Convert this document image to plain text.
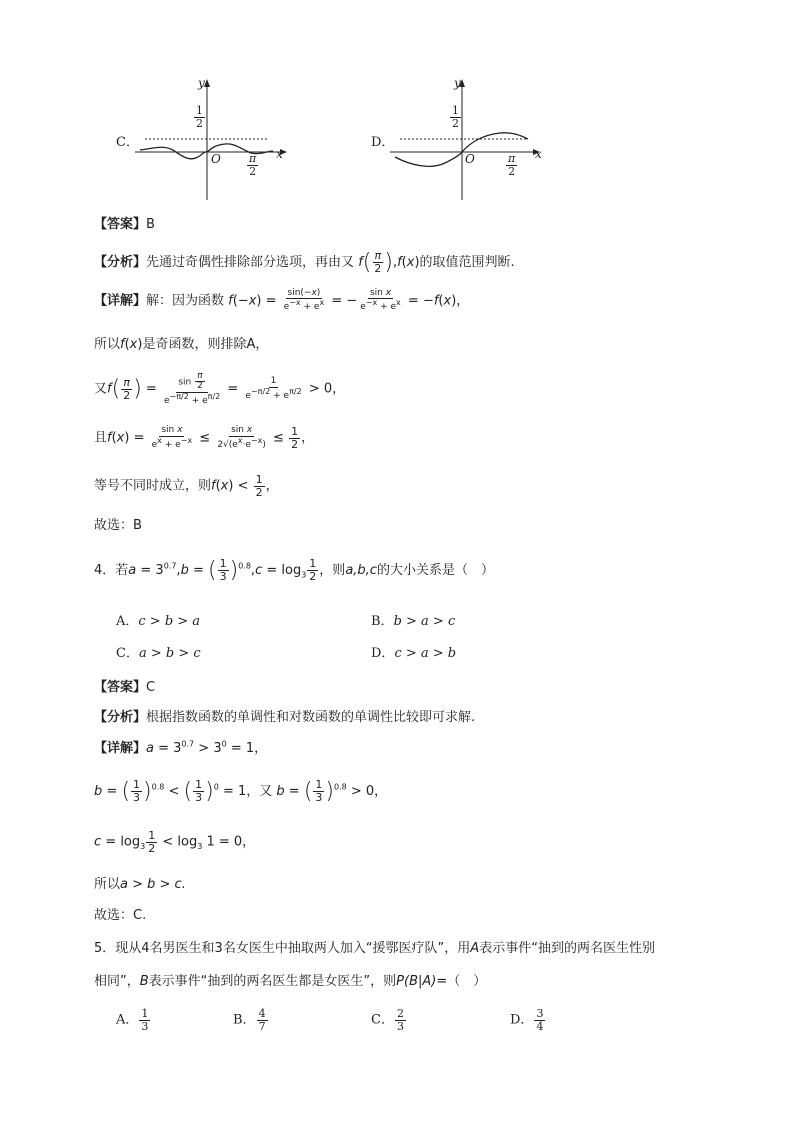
C．
y
$\frac{1}{2}$
O	x
$\frac{\pi}{2}$
D．
y
$\frac{1}{2}$
O	x
$\frac{\pi}{2}$
【答案】B
【分析】先通过奇偶性排除部分选项，再由又 $f( \frac{\pi}{2} ),f(x)$的取值范围判断.
【详解】解：因为函数 $f(-x) = \frac{\sin(-x)}{e^{-x} + e^x}$ = − $\frac{\text{sin x}}{e^{-x} + e^x} = -f(x)$，
所以f(x)是奇函数，则排除A，
又$f( \frac{\pi}{2}$ ) = $\frac{\sin \frac{\pi}{2}}{e^{-\pi/2} + e^{\pi/2}} = \frac{1}{e^{-\pi/2} + e^{\pi/2}} > 0$，
且$f(x) = \frac{\text{sin x}}{e^x + e^{-x}} \le \frac{\text{sin x}}{2√(e^x\cdot e^{-x})} \le \frac{1}{2}$ ，
等号不同时成立，则$f(x) < \frac{1}{2}$ ，
故选：B
4．若$a = 3^{0.7},b$ = ( $\frac{1}{3} )^{0.8},c = \log_3 \frac{1}{2}$ ，则a,b,c的大小关系是（　）
A．c > b > a	B．b > a > c
C．a > b > c	D．c > a > b
【答案】C
【分析】根据指数函数的单调性和对数函数的单调性比较即可求解.
【详解】$a = 3^{0.7} > 3^0 = 1$，
b = ( $\frac{1}{3} )^{0.8}$ < ( $\frac{1}{3} )^0 = 1$，又 b = ( $\frac{1}{3} )^{0.8} > 0$，
$c = \log_3 \frac{1}{2} < \log_3 1 = 0$，
所以a > b > c.
故选：C.
5．现从4名男医生和3名女医生中抽取两人加入“援鄂医疗队”，用A表示事件“抽到的两名医生性别
相同”，B表示事件“抽到的两名医生都是女医生”，则P(B|A)=（　）
A． $\frac{1}{3}$	B． $\frac{4}{7}$	C． $\frac{2}{3}$	D． $\frac{3}{4}$
